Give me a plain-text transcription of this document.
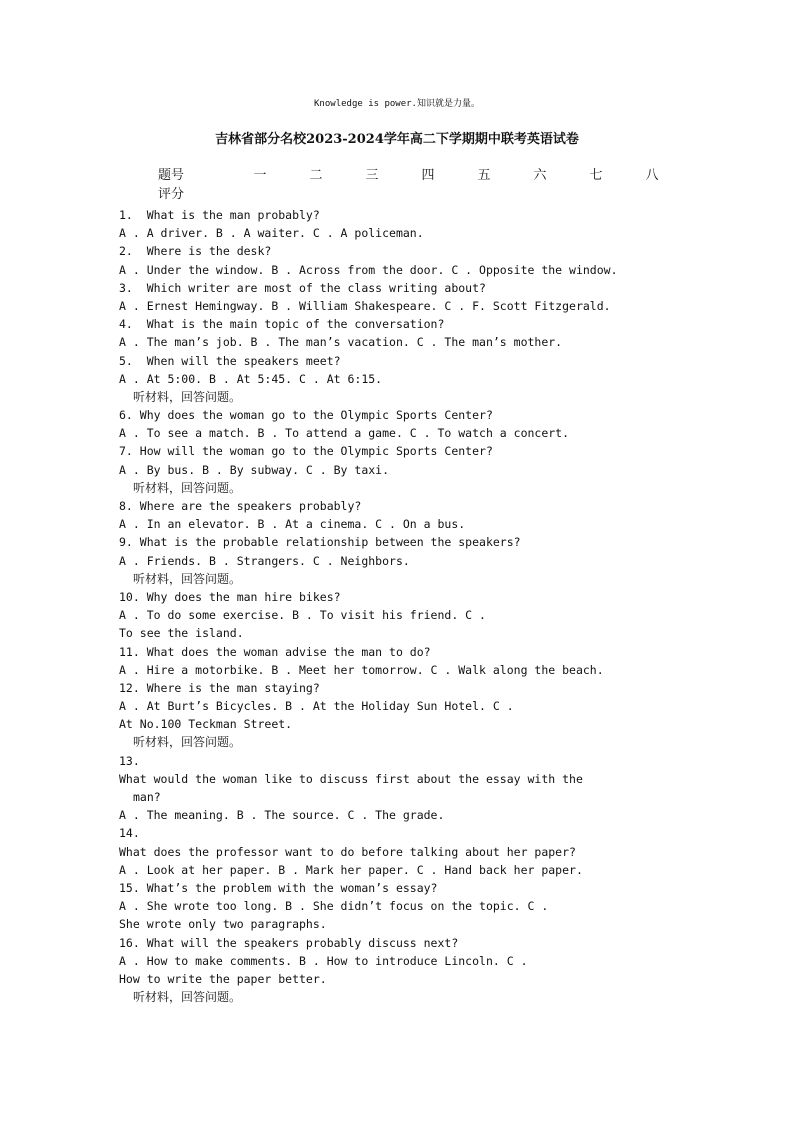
Knowledge is power.知识就是力量。
吉林省部分名校2023-2024学年高二下学期期中联考英语试卷
题号	一	二	三	四	五	六	七	八
评分
1.  What is the man probably?
A . A driver. B . A waiter. C . A policeman.
2.  Where is the desk?
A . Under the window. B . Across from the door. C . Opposite the window.
3.  Which writer are most of the class writing about?
A . Ernest Hemingway. B . William Shakespeare. C . F. Scott Fitzgerald.
4.  What is the main topic of the conversation?
A . The man’s job. B . The man’s vacation. C . The man’s mother.
5.  When will the speakers meet?
A . At 5:00. B . At 5:45. C . At 6:15.
听材料，回答问题。
6. Why does the woman go to the Olympic Sports Center?
A . To see a match. B . To attend a game. C . To watch a concert.
7. How will the woman go to the Olympic Sports Center?
A . By bus. B . By subway. C . By taxi.
听材料，回答问题。
8. Where are the speakers probably?
A . In an elevator. B . At a cinema. C . On a bus.
9. What is the probable relationship between the speakers?
A . Friends. B . Strangers. C . Neighbors.
听材料，回答问题。
10. Why does the man hire bikes?
A . To do some exercise. B . To visit his friend. C .
To see the island.
11. What does the woman advise the man to do?
A . Hire a motorbike. B . Meet her tomorrow. C . Walk along the beach.
12. Where is the man staying?
A . At Burt’s Bicycles. B . At the Holiday Sun Hotel. C .
At No.100 Teckman Street.
听材料，回答问题。
13.
What would the woman like to discuss first about the essay with the
man?
A . The meaning. B . The source. C . The grade.
14.
What does the professor want to do before talking about her paper?
A . Look at her paper. B . Mark her paper. C . Hand back her paper.
15. What’s the problem with the woman’s essay?
A . She wrote too long. B . She didn’t focus on the topic. C .
She wrote only two paragraphs.
16. What will the speakers probably discuss next?
A . How to make comments. B . How to introduce Lincoln. C .
How to write the paper better.
听材料，回答问题。
